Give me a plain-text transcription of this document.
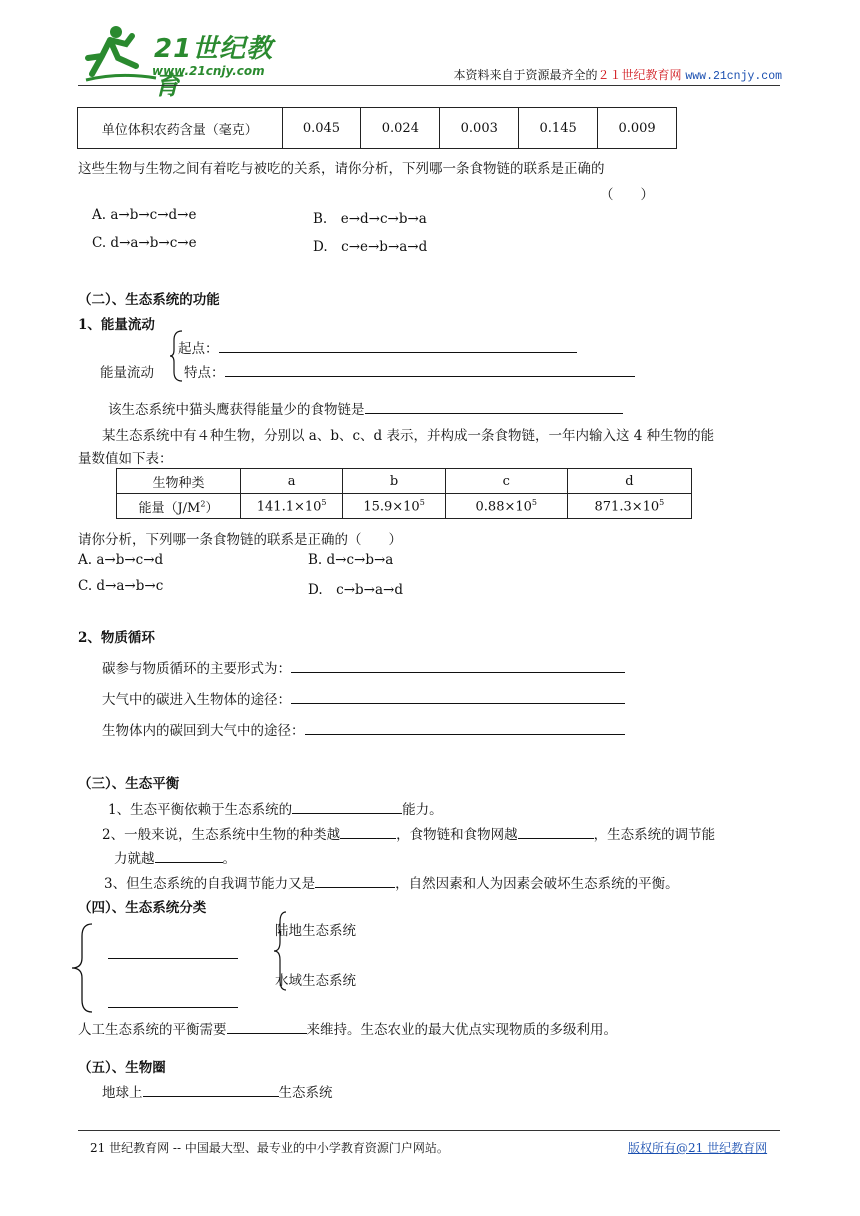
21世纪教育
www.21cnjy.com	本资料来自于资源最齐全的２１世纪教育网 www.21cnjy.com
单位体积农药含量（毫克）	0.045	0.024	0.003	0.145	0.009
这些生物与生物之间有着吃与被吃的关系，请你分析，下列哪一条食物链的联系是正确的
（　　）
A. a→b→c→d→e	B.　e→d→c→b→a
C. d→a→b→c→e	D.　c→e→b→a→d
（二）、生态系统的功能
1、能量流动
能量流动
起点：
特点：
该生态系统中猫头鹰获得能量少的食物链是
某生态系统中有４种生物，分别以 a、b、c、d 表示，并构成一条食物链，一年内输入这 4 种生物的能
量数值如下表：
生物种类	a	b	c	d
能量$(J/M^2)$	$141.1\times 10^5$	$15.9\times 10^5$	$0.88\times 10^5$	$871.3\times 10^5$
请你分析，下列哪一条食物链的联系是正确的（　　）
A. a→b→c→d	B. d→c→b→a
C. d→a→b→c	D.　c→b→a→d
2、物质循环
碳参与物质循环的主要形式为：
大气中的碳进入生物体的途径：
生物体内的碳回到大气中的途径：
（三）、生态平衡
1、生态平衡依赖于生态系统的	能力。
2、一般来说，生态系统中生物的种类越	，食物链和食物网越	，生态系统的调节能
力就越	。
3、但生态系统的自我调节能力又是	，自然因素和人为因素会破坏生态系统的平衡。
（四）、生态系统分类
陆地生态系统
水域生态系统
人工生态系统的平衡需要	来维持。生态农业的最大优点实现物质的多级利用。
（五）、生物圈
地球上	生态系统
21 世纪教育网 -- 中国最大型、最专业的中小学教育资源门户网站。	版权所有@21 世纪教育网
